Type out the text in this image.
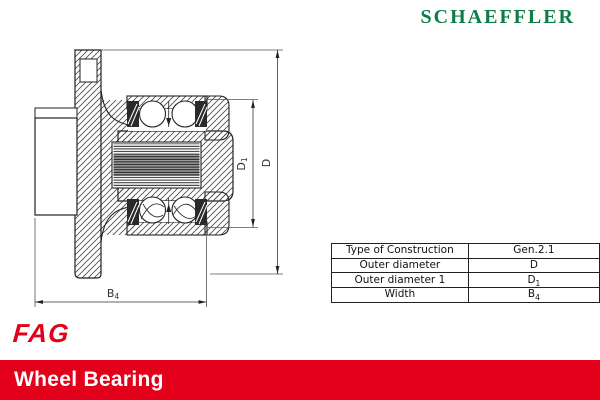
SCHAEFFLER
D
D1
B4
Type of Construction	Gen.2.1
Outer diameter	D
Outer diameter 1	$D_1$
Width	$B_4$
FAG
Wheel Bearing
